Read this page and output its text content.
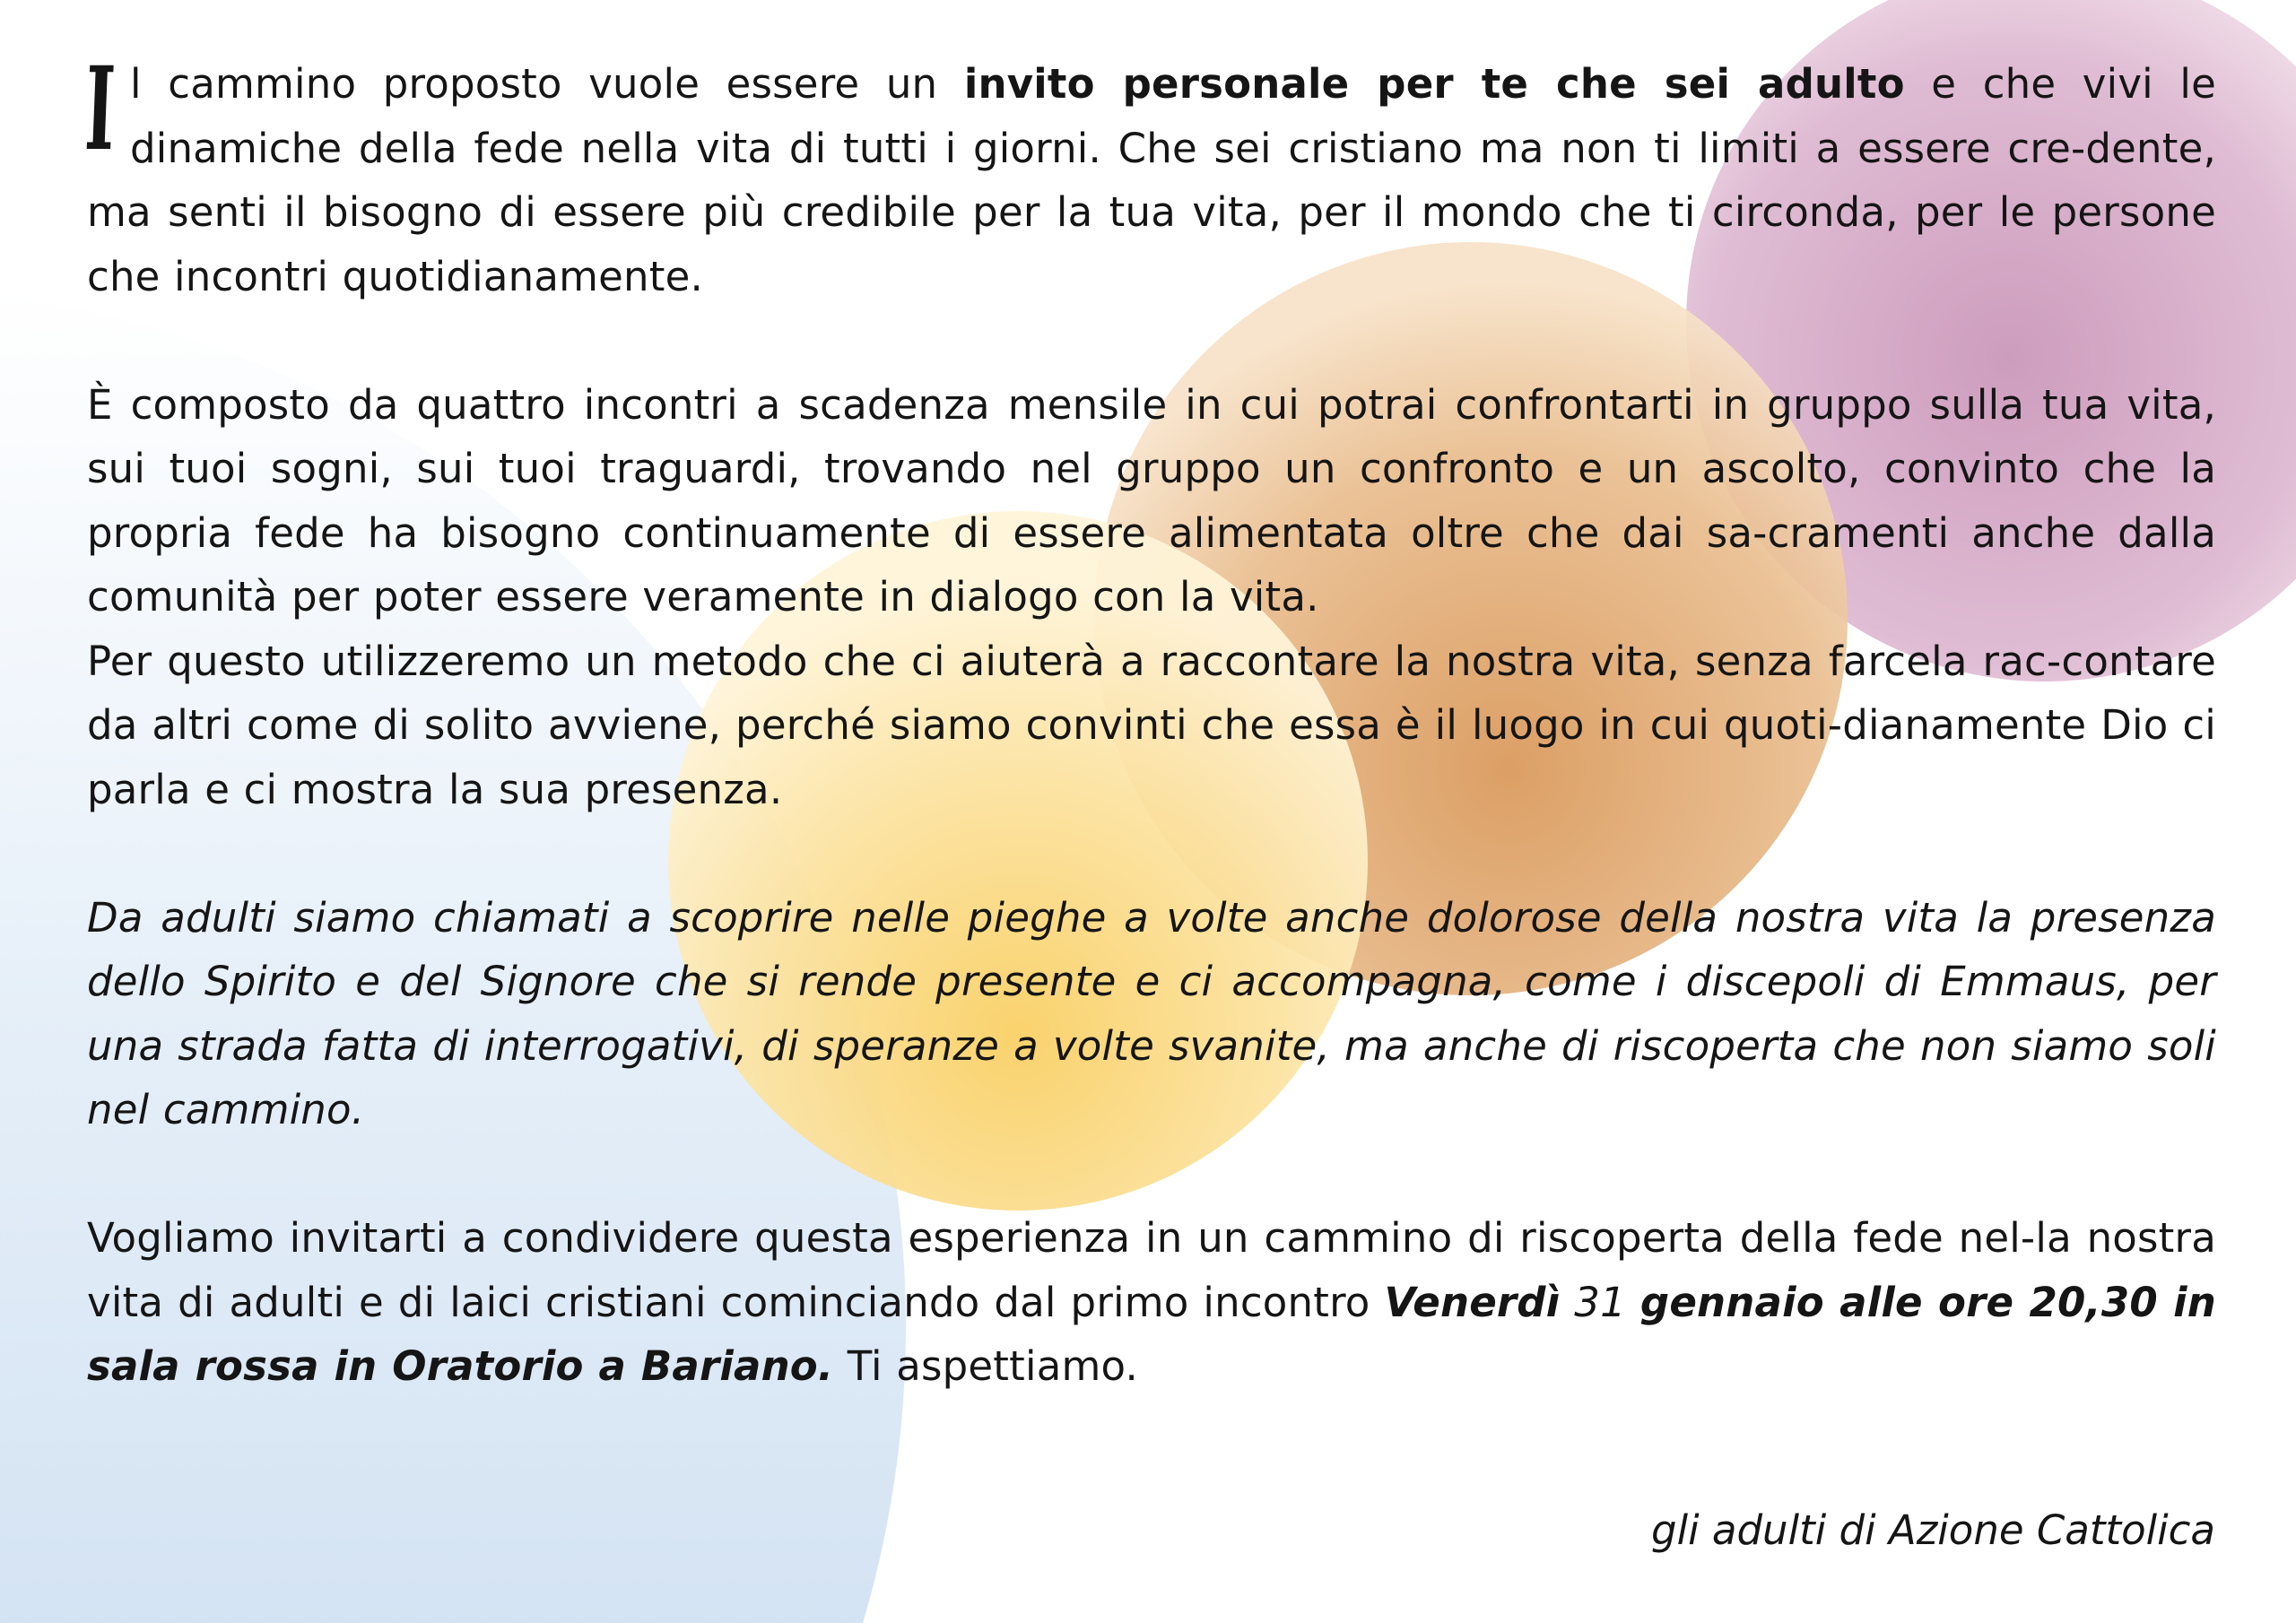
Il cammino proposto vuole essere un invito personale per te che sei adulto e che vivi le dinamiche della fede nella vita di tutti i giorni. Che sei cristiano ma non ti limiti a essere cre-dente, ma senti il bisogno di essere più credibile per la tua vita, per il mondo che ti circonda, per le persone che incontri quotidianamente.

È composto da quattro incontri a scadenza mensile in cui potrai confrontarti in gruppo sulla tua vita, sui tuoi sogni, sui tuoi traguardi, trovando nel gruppo un confronto e un ascolto, convinto che la propria fede ha bisogno continuamente di essere alimentata oltre che dai sa-cramenti anche dalla comunità per poter essere veramente in dialogo con la vita.

Per questo utilizzeremo un metodo che ci aiuterà a raccontare la nostra vita, senza farcela rac-contare da altri come di solito avviene, perché siamo convinti che essa è il luogo in cui quoti-dianamente Dio ci parla e ci mostra la sua presenza.

Da adulti siamo chiamati a scoprire nelle pieghe a volte anche dolorose della nostra vita la presenza dello Spirito e del Signore che si rende presente e ci accompagna, come i discepoli di Emmaus, per una strada fatta di interrogativi, di speranze a volte svanite, ma anche di riscoperta che non siamo soli nel cammino.

Vogliamo invitarti a condividere questa esperienza in un cammino di riscoperta della fede nel-la nostra vita di adulti e di laici cristiani cominciando dal primo incontro Venerdì 31 gennaio alle ore 20,30 in sala rossa in Oratorio a Bariano. Ti aspettiamo.

gli adulti di Azione Cattolica
